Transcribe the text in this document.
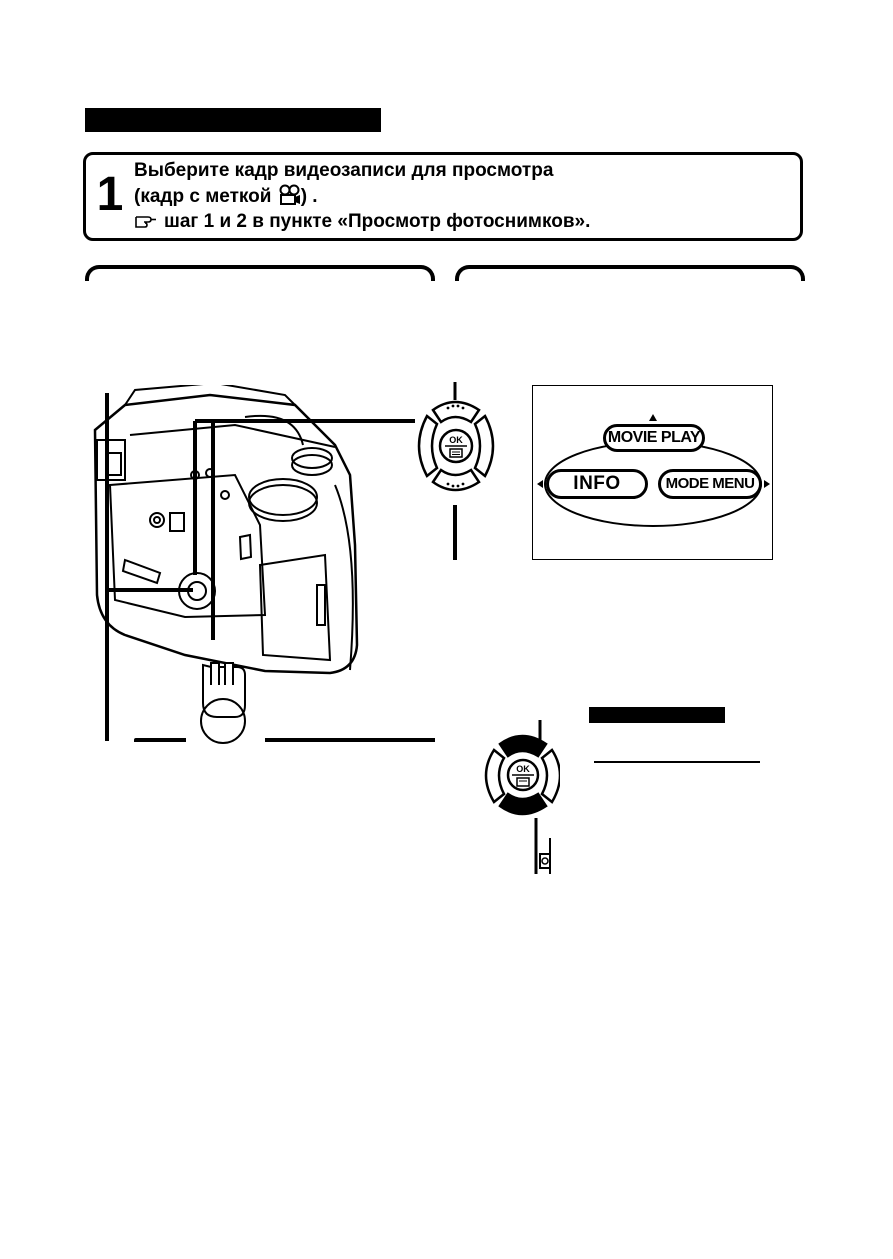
1 Выберите кадр видеозаписи для просмотра
(кадр с меткой ) .
шаг 1 и 2 в пункте «Просмотр фотоснимков».
OK	MOVIE PLAY
INFO	MODE MENU
OK
